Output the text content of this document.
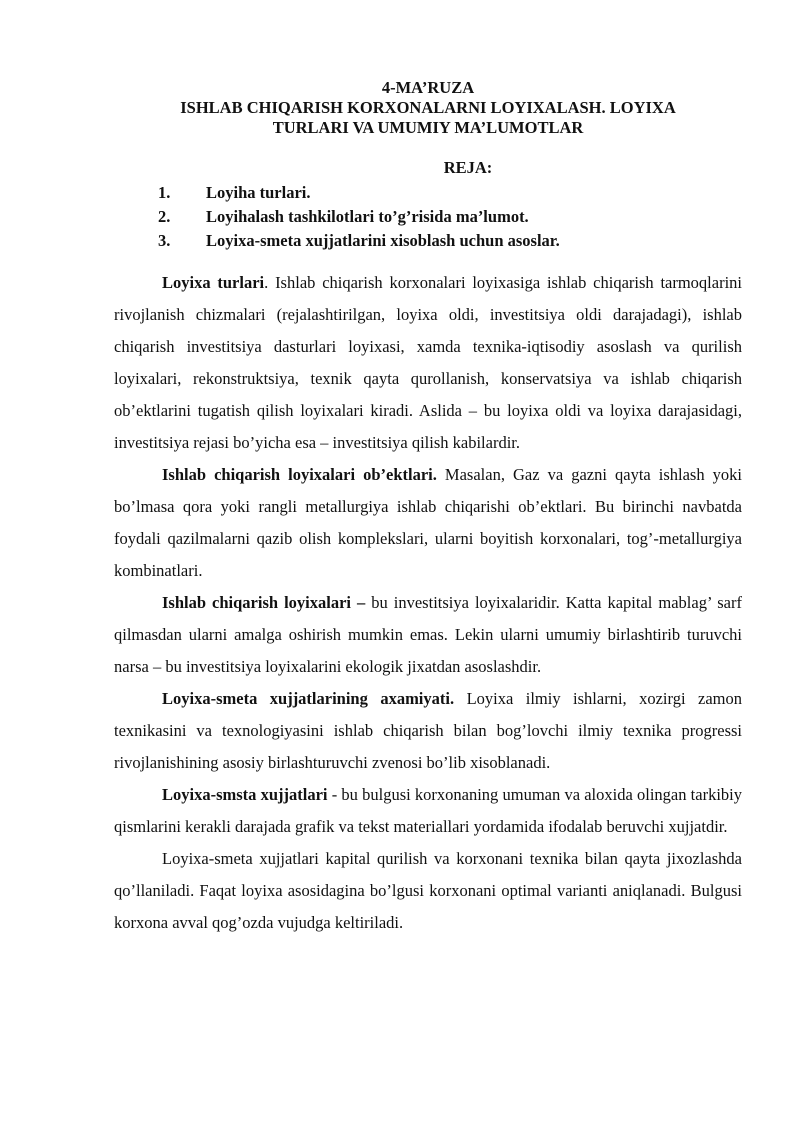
4-MA’RUZA
ISHLAB CHIQARISH KORXONALARNI LOYIXALASH. LOYIXA
TURLARI VA UMUMIY MA’LUMOTLAR
REJA:
1.	Loyiha turlari.
2.	Loyihalash tashkilotlari to’g’risida ma’lumot.
3.	Loyixa-smeta xujjatlarini xisoblash uchun asoslar.

Loyixa turlari. Ishlab chiqarish korxonalari loyixasiga ishlab chiqarish tarmoqlarini rivojlanish chizmalari (rejalashtirilgan, loyixa oldi, investitsiya oldi darajadagi), ishlab chiqarish investitsiya dasturlari loyixasi, xamda texnika-iqtisodiy asoslash va qurilish loyixalari, rekonstruktsiya, texnik qayta qurollanish, konservatsiya va ishlab chiqarish ob’ektlarini tugatish qilish loyixalari kiradi. Aslida – bu loyixa oldi va loyixa darajasidagi, investitsiya rejasi bo’yicha esa – investitsiya qilish kabilardir.

Ishlab chiqarish loyixalari ob’ektlari. Masalan, Gaz va gazni qayta ishlash yoki bo’lmasa qora yoki rangli metallurgiya ishlab chiqarishi ob’ektlari. Bu birinchi navbatda foydali qazilmalarni qazib olish komplekslari, ularni boyitish korxonalari, tog’-metallurgiya kombinatlari.

Ishlab chiqarish loyixalari – bu investitsiya loyixalaridir. Katta kapital mablag’ sarf qilmasdan ularni amalga oshirish mumkin emas. Lekin ularni umumiy birlashtirib turuvchi narsa – bu investitsiya loyixalarini ekologik jixatdan asoslashdir.

Loyixa-smeta xujjatlarining axamiyati. Loyixa ilmiy ishlarni, xozirgi zamon texnikasini va texnologiyasini ishlab chiqarish bilan bog’lovchi ilmiy texnika progressi rivojlanishining asosiy birlashturuvchi zvenosi bo’lib xisoblanadi.

Loyixa-smsta xujjatlari - bu bulgusi korxonaning umuman va aloxida olingan tarkibiy qismlarini kerakli darajada grafik va tekst materiallari yordamida ifodalab beruvchi xujjatdir.

Loyixa-smeta xujjatlari kapital qurilish va korxonani texnika bilan qayta jixozlashda qo’llaniladi. Faqat loyixa asosidagina bo’lgusi korxonani optimal varianti aniqlanadi. Bulgusi korxona avval qog’ozda vujudga keltiriladi.
